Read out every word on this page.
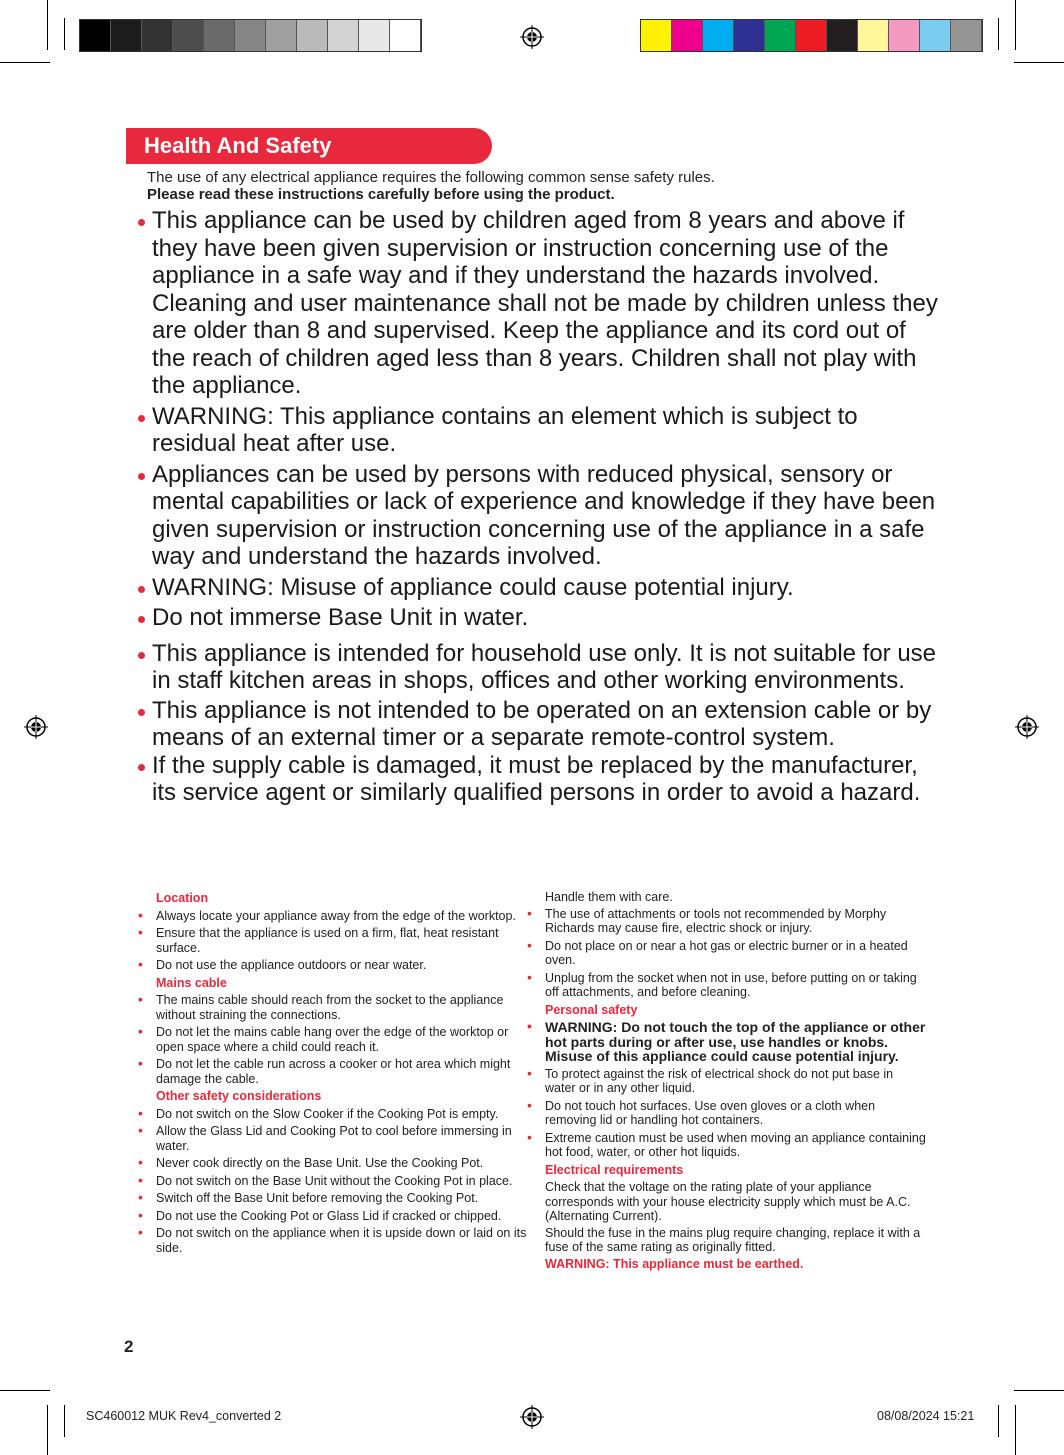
Health And Safety
The use of any electrical appliance requires the following common sense safety rules.
Please read these instructions carefully before using the product.
This appliance can be used by children aged from 8 years and above if they have been given supervision or instruction concerning use of the appliance in a safe way and if they understand the hazards involved. Cleaning and user maintenance shall not be made by children unless they are older than 8 and supervised. Keep the appliance and its cord out of the reach of children aged less than 8 years. Children shall not play with the appliance.
WARNING: This appliance contains an element which is subject to residual heat after use.
Appliances can be used by persons with reduced physical, sensory or mental capabilities or lack of experience and knowledge if they have been given supervision or instruction concerning use of the appliance in a safe way and understand the hazards involved.
WARNING: Misuse of appliance could cause potential injury.
Do not immerse Base Unit in water.
This appliance is intended for household use only. It is not suitable for use in staff kitchen areas in shops, offices and other working environments.
This appliance is not intended to be operated on an extension cable or by means of an external timer or a separate remote-control system.
If the supply cable is damaged, it must be replaced by the manufacturer, its service agent or similarly qualified persons in order to avoid a hazard.
Location
• Always locate your appliance away from the edge of the worktop.
• Ensure that the appliance is used on a firm, flat, heat resistant surface.
• Do not use the appliance outdoors or near water.
Mains cable
• The mains cable should reach from the socket to the appliance without straining the connections.
• Do not let the mains cable hang over the edge of the worktop or open space where a child could reach it.
• Do not let the cable run across a cooker or hot area which might damage the cable.
Other safety considerations
• Do not switch on the Slow Cooker if the Cooking Pot is empty.
• Allow the Glass Lid and Cooking Pot to cool before immersing in water.
• Never cook directly on the Base Unit. Use the Cooking Pot.
• Do not switch on the Base Unit without the Cooking Pot in place.
• Switch off the Base Unit before removing the Cooking Pot.
• Do not use the Cooking Pot or Glass Lid if cracked or chipped.
• Do not switch on the appliance when it is upside down or laid on its side.
Handle them with care.
• The use of attachments or tools not recommended by Morphy Richards may cause fire, electric shock or injury.
• Do not place on or near a hot gas or electric burner or in a heated oven.
• Unplug from the socket when not in use, before putting on or taking off attachments, and before cleaning.
Personal safety
• WARNING: Do not touch the top of the appliance or other hot parts during or after use, use handles or knobs. Misuse of this appliance could cause potential injury.
• To protect against the risk of electrical shock do not put base in water or in any other liquid.
• Do not touch hot surfaces. Use oven gloves or a cloth when removing lid or handling hot containers.
• Extreme caution must be used when moving an appliance containing hot food, water, or other hot liquids.
Electrical requirements
Check that the voltage on the rating plate of your appliance corresponds with your house electricity supply which must be A.C. (Alternating Current).
Should the fuse in the mains plug require changing, replace it with a fuse of the same rating as originally fitted.
WARNING: This appliance must be earthed.
2
SC460012 MUK Rev4_converted 2	08/08/2024 15:21
